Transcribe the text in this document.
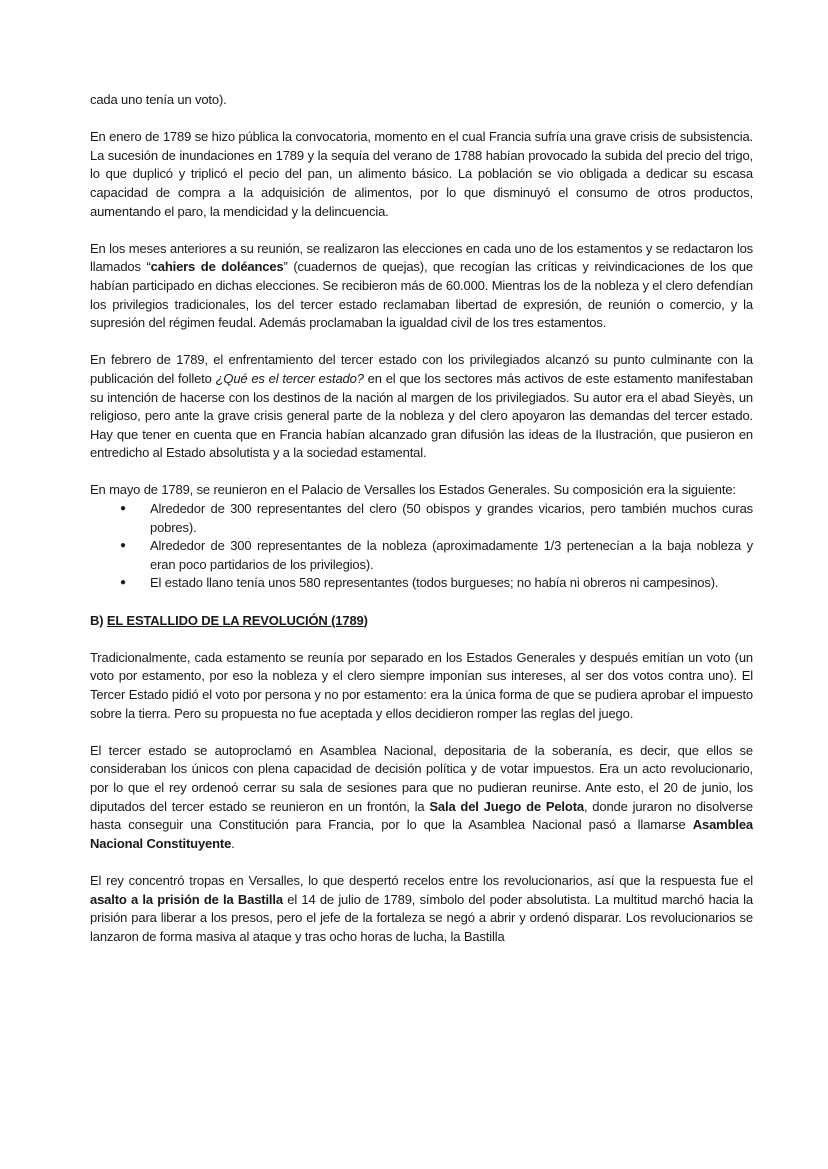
cada uno tenía un voto).

En enero de 1789 se hizo pública la convocatoria, momento en el cual Francia sufría una grave crisis de subsistencia. La sucesión de inundaciones en 1789 y la sequía del verano de 1788 habían provocado la subida del precio del trigo, lo que duplicó y triplicó el pecio del pan, un alimento básico. La población se vio obligada a dedicar su escasa capacidad de compra a la adquisición de alimentos, por lo que disminuyó el consumo de otros productos, aumentando el paro, la mendicidad y la delincuencia.

En los meses anteriores a su reunión, se realizaron las elecciones en cada uno de los estamentos y se redactaron los llamados “cahiers de doléances” (cuadernos de quejas), que recogían las críticas y reivindicaciones de los que habían participado en dichas elecciones. Se recibieron más de 60.000. Mientras los de la nobleza y el clero defendían los privilegios tradicionales, los del tercer estado reclamaban libertad de expresión, de reunión o comercio, y la supresión del régimen feudal. Además proclamaban la igualdad civil de los tres estamentos.

En febrero de 1789, el enfrentamiento del tercer estado con los privilegiados alcanzó su punto culminante con la publicación del folleto ¿Qué es el tercer estado? en el que los sectores más activos de este estamento manifestaban su intención de hacerse con los destinos de la nación al margen de los privilegiados. Su autor era el abad Sieyès, un religioso, pero ante la grave crisis general parte de la nobleza y del clero apoyaron las demandas del tercer estado. Hay que tener en cuenta que en Francia habían alcanzado gran difusión las ideas de la Ilustración, que pusieron en entredicho al Estado absolutista y a la sociedad estamental.

En mayo de 1789, se reunieron en el Palacio de Versalles los Estados Generales. Su composición era la siguiente:

● Alrededor de 300 representantes del clero (50 obispos y grandes vicarios, pero también muchos curas pobres).
● Alrededor de 300 representantes de la nobleza (aproximadamente 1/3 pertenecían a la baja nobleza y eran poco partidarios de los privilegios).
● El estado llano tenía unos 580 representantes (todos burgueses; no había ni obreros ni campesinos).
B) EL ESTALLIDO DE LA REVOLUCIÓN (1789)

Tradicionalmente, cada estamento se reunía por separado en los Estados Generales y después emitían un voto (un voto por estamento, por eso la nobleza y el clero siempre imponían sus intereses, al ser dos votos contra uno). El Tercer Estado pidió el voto por persona y no por estamento: era la única forma de que se pudiera aprobar el impuesto sobre la tierra. Pero su propuesta no fue aceptada y ellos decidieron romper las reglas del juego.

El tercer estado se autoproclamó en Asamblea Nacional, depositaria de la soberanía, es decir, que ellos se consideraban los únicos con plena capacidad de decisión política y de votar impuestos. Era un acto revolucionario, por lo que el rey ordenoó cerrar su sala de sesiones para que no pudieran reunirse. Ante esto, el 20 de junio, los diputados del tercer estado se reunieron en un frontón, la Sala del Juego de Pelota, donde juraron no disolverse hasta conseguir una Constitución para Francia, por lo que la Asamblea Nacional pasó a llamarse Asamblea Nacional Constituyente.

El rey concentró tropas en Versalles, lo que despertó recelos entre los revolucionarios, así que la respuesta fue el asalto a la prisión de la Bastilla el 14 de julio de 1789, símbolo del poder absolutista. La multitud marchó hacia la prisión para liberar a los presos, pero el jefe de la fortaleza se negó a abrir y ordenó disparar. Los revolucionarios se lanzaron de forma masiva al ataque y tras ocho horas de lucha, la Bastilla
